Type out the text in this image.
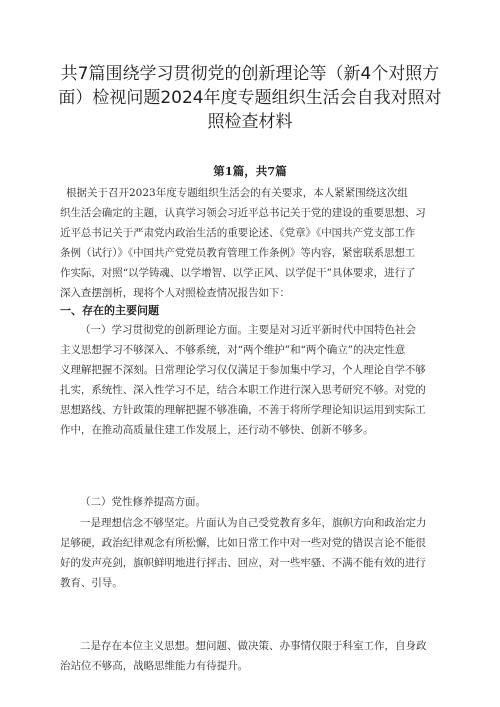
共7篇围绕学习贯彻党的创新理论等（新4个对照方
面）检视问题2024年度专题组织生活会自我对照对
照检查材料
第1篇，共7篇
根据关于召开2023年度专题组织生活会的有关要求，本人紧紧围绕这次组
织生活会确定的主题，认真学习领会习近平总书记关于党的建设的重要思想、习
近平总书记关于严肃党内政治生活的重要论述、《党章》《中国共产党支部工作
条例（试行）》《中国共产党党员教育管理工作条例》等内容，紧密联系思想工
作实际，对照“以学铸魂、以学增智、以学正风、以学促干”具体要求，进行了
深入查摆剖析，现将个人对照检查情况报告如下：
一、存在的主要问题
（一）学习贯彻党的创新理论方面。主要是对习近平新时代中国特色社会
主义思想学习不够深入、不够系统，对“两个维护”和“两个确立”的决定性意
义理解把握不深刻。日常理论学习仅仅满足于参加集中学习，个人理论自学不够
扎实，系统性、深入性学习不足，结合本职工作进行深入思考研究不够。对党的
思想路线、方针政策的理解把握不够准确，不善于将所学理论知识运用到实际工
作中，在推动高质量住建工作发展上，还行动不够快、创新不够多。
（二）党性修养提高方面。
一是理想信念不够坚定。片面认为自己受党教育多年，旗帜方向和政治定力
足够硬，政治纪律观念有所松懈，比如日常工作中对一些对党的错误言论不能很
好的发声亮剑，旗帜鲜明地进行抨击、回应，对一些牢骚、不满不能有效的进行
教育、引导。
二是存在本位主义思想。想问题、做决策、办事情仅限于科室工作，自身政
治站位不够高，战略思维能力有待提升。
